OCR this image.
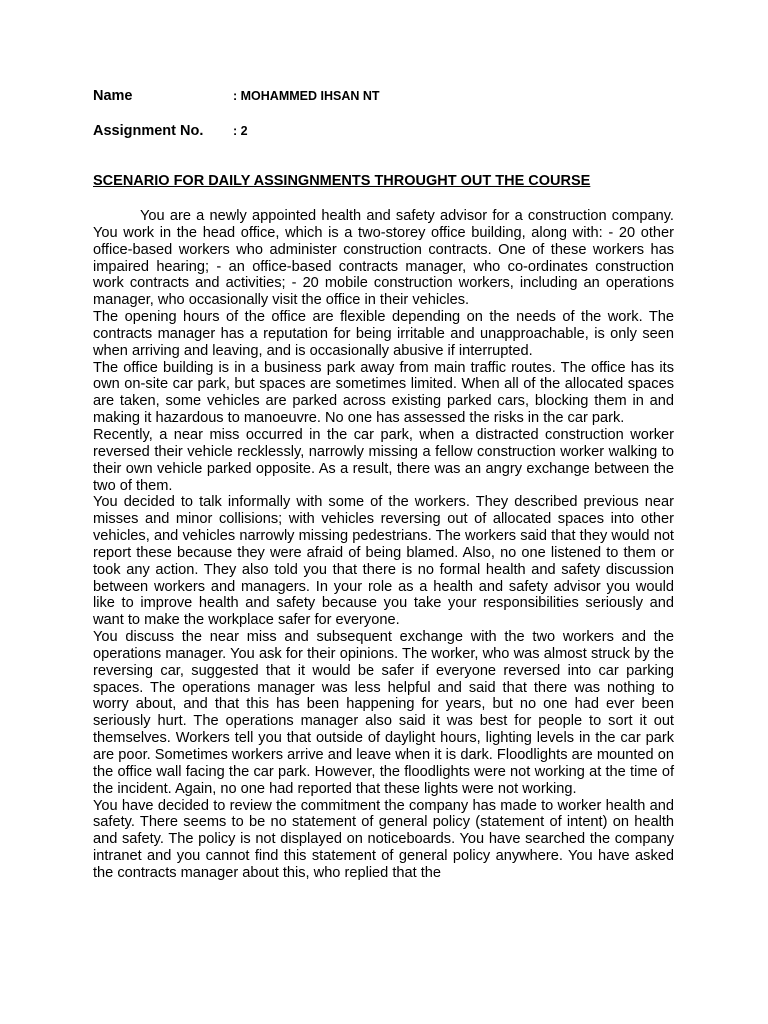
Name	: MOHAMMED IHSAN NT
Assignment No. : 2
SCENARIO FOR DAILY ASSINGNMENTS THROUGHT OUT THE COURSE

You are a newly appointed health and safety advisor for a construction company. You work in the head office, which is a two-storey office building, along with: - 20 other office-based workers who administer construction contracts. One of these workers has impaired hearing; - an office-based contracts manager, who co-ordinates construction work contracts and activities; - 20 mobile construction workers, including an operations manager, who occasionally visit the office in their vehicles.

The opening hours of the office are flexible depending on the needs of the work. The contracts manager has a reputation for being irritable and unapproachable, is only seen when arriving and leaving, and is occasionally abusive if interrupted.

The office building is in a business park away from main traffic routes. The office has its own on-site car park, but spaces are sometimes limited. When all of the allocated spaces are taken, some vehicles are parked across existing parked cars, blocking them in and making it hazardous to manoeuvre. No one has assessed the risks in the car park.

Recently, a near miss occurred in the car park, when a distracted construction worker reversed their vehicle recklessly, narrowly missing a fellow construction worker walking to their own vehicle parked opposite. As a result, there was an angry exchange between the two of them.

You decided to talk informally with some of the workers. They described previous near misses and minor collisions; with vehicles reversing out of allocated spaces into other vehicles, and vehicles narrowly missing pedestrians. The workers said that they would not report these because they were afraid of being blamed. Also, no one listened to them or took any action. They also told you that there is no formal health and safety discussion between workers and managers. In your role as a health and safety advisor you would like to improve health and safety because you take your responsibilities seriously and want to make the workplace safer for everyone.

You discuss the near miss and subsequent exchange with the two workers and the operations manager. You ask for their opinions. The worker, who was almost struck by the reversing car, suggested that it would be safer if everyone reversed into car parking spaces. The operations manager was less helpful and said that there was nothing to worry about, and that this has been happening for years, but no one had ever been seriously hurt. The operations manager also said it was best for people to sort it out themselves. Workers tell you that outside of daylight hours, lighting levels in the car park are poor. Sometimes workers arrive and leave when it is dark. Floodlights are mounted on the office wall facing the car park. However, the floodlights were not working at the time of the incident. Again, no one had reported that these lights were not working.

You have decided to review the commitment the company has made to worker health and safety. There seems to be no statement of general policy (statement of intent) on health and safety. The policy is not displayed on noticeboards. You have searched the company intranet and you cannot find this statement of general policy anywhere. You have asked the contracts manager about this, who replied that the
